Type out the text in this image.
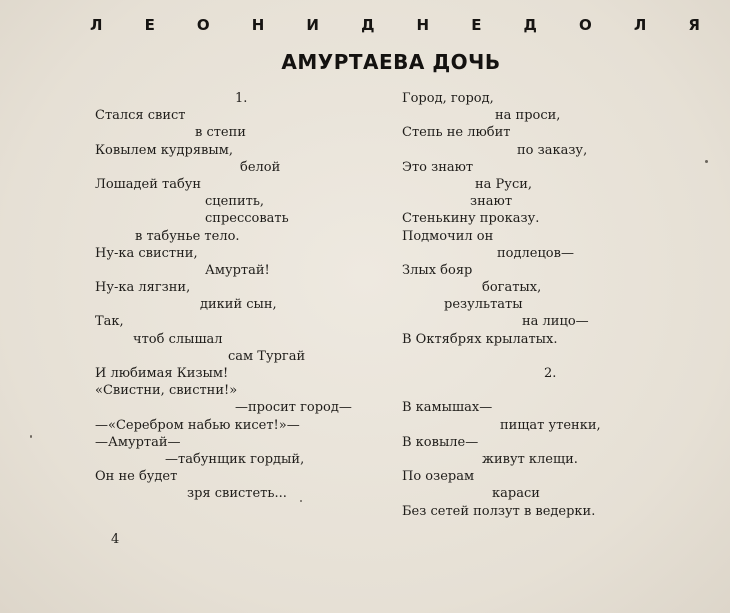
Л	Е	О	Н	И	Д	Н	Е	Д	О	Л	Я
АМУРТАЕВА ДОЧЬ
1.
Стался свист
в степи
Ковылем кудрявым,
белой
Лошадей табун
сцепить,
спрессовать
в табунье тело.
Ну-ка свистни,
Амуртай!
Ну-ка лягзни,
дикий сын,
Так,
чтоб слышал
сам Тургай
И любимая Кизым!
«Свистни, свистни!»
—просит город—
—«Серебром набью кисет!»—
—Амуртай—
—табунщик гордый,
Он не будет
зря свистеть...
Город, город,
на проси,
Степь не любит
по заказу,
Это знают
на Руси,
знают
Стенькину проказу.
Подмочил он
подлецов—
Злых бояр
богатых,
результаты
на лицо—
В Октябрях крылатых.
2.
В камышах—
пищат утенки,
В ковыле—
живут клещи.
По озерам
караси
Без сетей ползут в ведерки.
4
